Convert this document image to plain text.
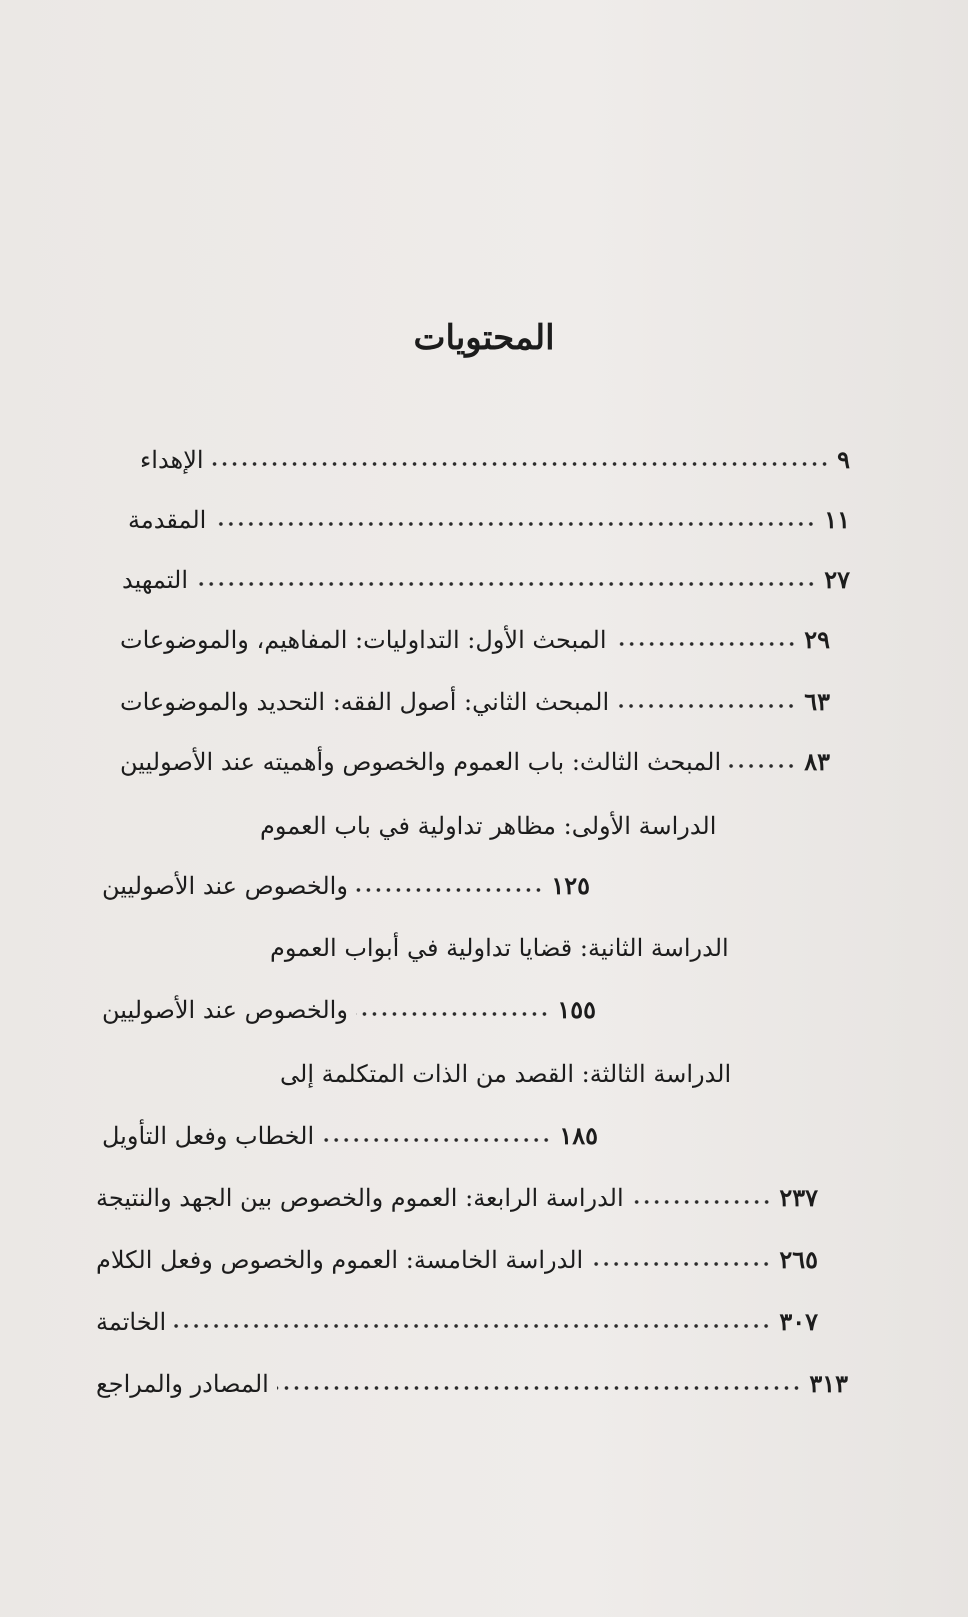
المحتويات
الإهداء	٩
المقدمة	١١
التمهيد	٢٧
المبحث الأول: التداوليات: المفاهيم، والموضوعات	٢٩
المبحث الثاني: أصول الفقه: التحديد والموضوعات	٦٣
المبحث الثالث: باب العموم والخصوص وأهميته عند الأصوليين	٨٣
الدراسة الأولى: مظاهر تداولية في باب العموم
والخصوص عند الأصوليين	١٢٥
الدراسة الثانية: قضايا تداولية في أبواب العموم
والخصوص عند الأصوليين	١٥٥
الدراسة الثالثة: القصد من الذات المتكلمة إلى
الخطاب وفعل التأويل	١٨٥
الدراسة الرابعة: العموم والخصوص بين الجهد والنتيجة	٢٣٧
الدراسة الخامسة: العموم والخصوص وفعل الكلام	٢٦٥
الخاتمة	٣٠٧
المصادر والمراجع	٣١٣
